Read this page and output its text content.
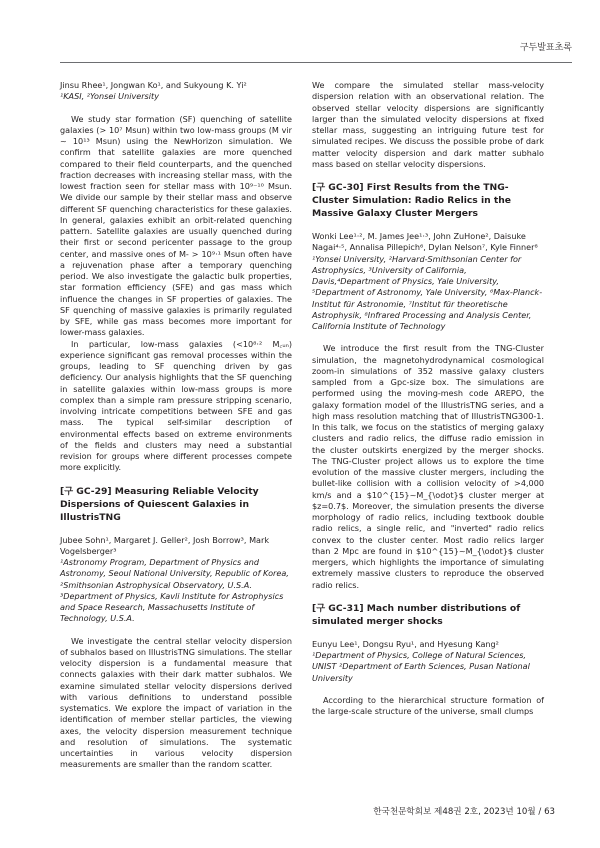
구두발표초록

Jinsu Rhee¹, Jongwan Ko¹, and Sukyoung K. Yi²

¹KASI, ²Yonsei University

We study star formation (SF) quenching of satellite galaxies (> 10⁷ Msun) within two low-mass groups (M vir ~ 10¹³ Msun) using the NewHorizon simulation. We confirm that satellite galaxies are more quenched compared to their field counterparts, and the quenched fraction decreases with increasing stellar mass, with the lowest fraction seen for stellar mass with 10⁹⁻¹⁰ Msun. We divide our sample by their stellar mass and observe different SF quenching characteristics for these galaxies. In general, galaxies exhibit an orbit-related quenching pattern. Satellite galaxies are usually quenched during their first or second pericenter passage to the group center, and massive ones of M- > 10⁹·¹ Msun often have a rejuvenation phase after a temporary quenching period. We also investigate the galactic bulk properties, star formation efficiency (SFE) and gas mass which influence the changes in SF properties of galaxies. The SF quenching of massive galaxies is primarily regulated by SFE, while gas mass becomes more important for lower-mass galaxies.

In particular, low-mass galaxies (<10⁸·² M꜀ᵤₙ) experience significant gas removal processes within the groups, leading to SF quenching driven by gas deficiency. Our analysis highlights that the SF quenching in satellite galaxies within low-mass groups is more complex than a simple ram pressure stripping scenario, involving intricate competitions between SFE and gas mass. The typical self-similar description of environmental effects based on extreme environments of the fields and clusters may need a substantial revision for groups where different processes compete more explicitly.

[구 GC-29] Measuring Reliable Velocity Dispersions of Quiescent Galaxies in IllustrisTNG

Jubee Sohn¹, Margaret J. Geller², Josh Borrow³, Mark Vogelsberger³

¹Astronomy Program, Department of Physics and Astronomy, Seoul National University, Republic of Korea, ²Smithsonian Astrophysical Observatory, U.S.A. ³Department of Physics, Kavli Institute for Astrophysics and Space Research, Massachusetts Institute of Technology, U.S.A.

We investigate the central stellar velocity dispersion of subhalos based on IllustrisTNG simulations. The stellar velocity dispersion is a fundamental measure that connects galaxies with their dark matter subhalos. We examine simulated stellar velocity dispersions derived with various definitions to understand possible systematics. We explore the impact of variation in the identification of member stellar particles, the viewing axes, the velocity dispersion measurement technique and resolution of simulations. The systematic uncertainties in various velocity dispersion measurements are smaller than the random scatter.

We compare the simulated stellar mass-velocity dispersion relation with an observational relation. The observed stellar velocity dispersions are significantly larger than the simulated velocity dispersions at fixed stellar mass, suggesting an intriguing future test for simulated recipes. We discuss the possible probe of dark matter velocity dispersion and dark matter subhalo mass based on stellar velocity dispersions.

[구 GC-30] First Results from the TNG-Cluster Simulation: Radio Relics in the Massive Galaxy Cluster Mergers

Wonki Lee¹·², M. James Jee¹·³, John ZuHone², Daisuke Nagai⁴·⁵, Annalisa Pillepich⁶, Dylan Nelson⁷, Kyle Finner⁸

¹Yonsei University, ²Harvard-Smithsonian Center for Astrophysics, ³University of California, Davis,⁴Department of Physics, Yale University, ⁵Department of Astronomy, Yale University, ⁶Max-Planck-Institut für Astronomie, ⁷Institut für theoretische Astrophysik, ⁸Infrared Processing and Analysis Center, California Institute of Technology

We introduce the first result from the TNG-Cluster simulation, the magnetohydrodynamical cosmological zoom-in simulations of 352 massive galaxy clusters sampled from a Gpc-size box. The simulations are performed using the moving-mesh code AREPO, the galaxy formation model of the IllustrisTNG series, and a high mass resolution matching that of IllustrisTNG300-1. In this talk, we focus on the statistics of merging galaxy clusters and radio relics, the diffuse radio emission in the cluster outskirts energized by the merger shocks. The TNG-Cluster project allows us to explore the time evolution of the massive cluster mergers, including the bullet-like collision with a collision velocity of >4,000 km/s and a $10^{15}~M_{\odot}$ cluster merger at $z=0.7$. Moreover, the simulation presents the diverse morphology of radio relics, including textbook double radio relics, a single relic, and "inverted" radio relics convex to the cluster center. Most radio relics larger than 2 Mpc are found in $10^{15}~M_{\odot}$ cluster mergers, which highlights the importance of simulating extremely massive clusters to reproduce the observed radio relics.

[구 GC-31] Mach number distributions of simulated merger shocks

Eunyu Lee¹, Dongsu Ryu¹, and Hyesung Kang²

¹Department of Physics, College of Natural Sciences, UNIST ²Department of Earth Sciences, Pusan National University

According to the hierarchical structure formation of the large-scale structure of the universe, small clumps

한국천문학회보 제48권 2호, 2023년 10월 / 63
